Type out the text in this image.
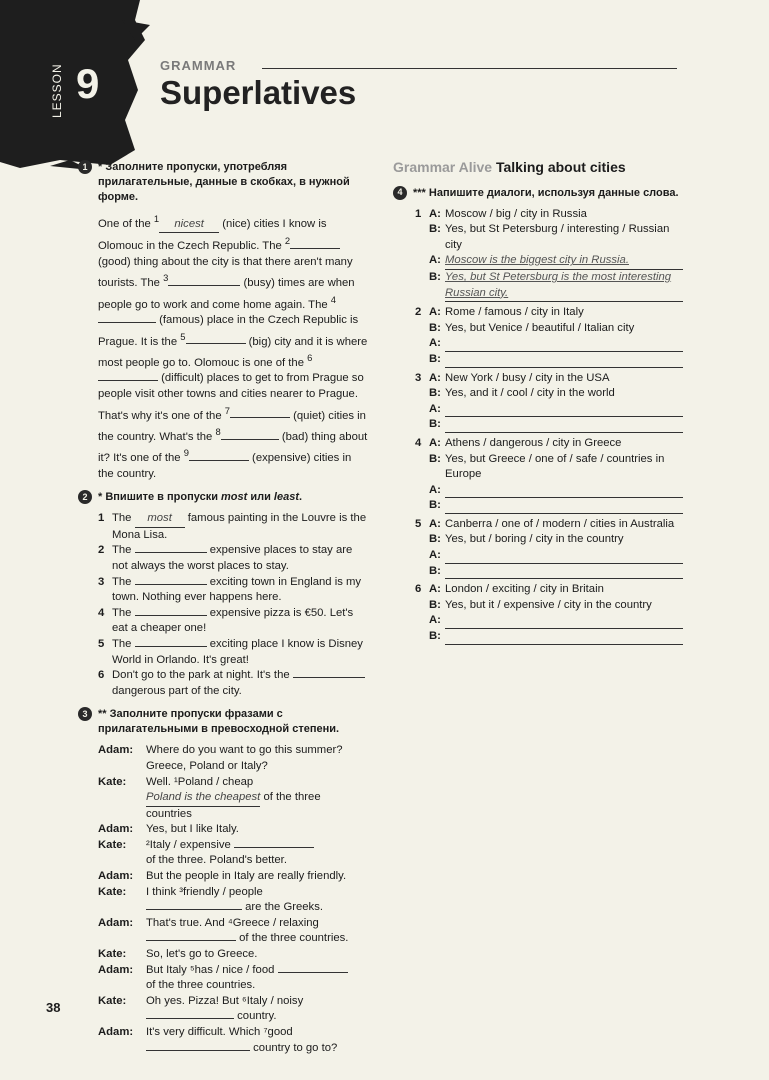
LESSON 9	GRAMMAR
Superlatives
1 * Заполните пропуски, употребляя прилагательные, данные в скобках, в нужной форме.
One of the $^1$ nicest (nice) cities I know is Olomouc in the Czech Republic. The $^2$ (good) thing about the city is that there aren't many tourists. The $^3$	(busy) times are when people go to work and come home again. The $^4$ (famous) place in the Czech Republic is Prague. It is the $^5$	(big) city and it is where most people go to. Olomouc is one of the $^6$ (difficult) places to get to from Prague so people visit other towns and cities nearer to Prague. That's why it's one of the $^7$	(quiet) cities in the country. What's the $^8$	(bad) thing about it? It's one of the $^9$	(expensive) cities in the country.
2 * Впишите в пропуски most или least.
1 The most famous painting in the Louvre is the Mona Lisa.
2 The	expensive places to stay are not always the worst places to stay.
3 The	exciting town in England is my town. Nothing ever happens here.
4 The	expensive pizza is €50. Let's eat a cheaper one!
5 The	exciting place I know is Disney World in Orlando. It's great!
6 Don't go to the park at night. It's the  dangerous part of the city.
3 ** Заполните пропуски фразами с прилагательными в превосходной степени.
Adam:	Where do you want to go this summer? Greece, Poland or Italy?
Kate:	Well. ¹Poland / cheap
Poland is the cheapest of the three countries
Adam:	Yes, but I like Italy.
Kate:	²Italy / expensive
of the three. Poland's better.
Adam:	But the people in Italy are really friendly.
Kate:	I think ³friendly / people
are the Greeks.
Adam:	That's true. And ⁴Greece / relaxing
of the three countries.
Kate:	So, let's go to Greece.
Adam:	But Italy ⁵has / nice / food
of the three countries.
Kate:	Oh yes. Pizza! But ⁶Italy / noisy
country.
Adam:	It's very difficult. Which ⁷good
country to go to?
Grammar Alive Talking about cities
4 *** Напишите диалоги, используя данные слова.
1 A: Moscow / big / city in Russia
B: Yes, but St Petersburg / interesting / Russian city
A: Moscow is the biggest city in Russia.
B: Yes, but St Petersburg is the most interesting Russian city.
2 A: Rome / famous / city in Italy
B: Yes, but Venice / beautiful / Italian city
A:
B:
3 A: New York / busy / city in the USA
B: Yes, and it / cool / city in the world
A:
B:
4 A: Athens / dangerous / city in Greece
B: Yes, but Greece / one of / safe / countries in Europe
A:
B:
5 A: Canberra / one of / modern / cities in Australia
B: Yes, but / boring / city in the country
A:
B:
6 A: London / exciting / city in Britain
B: Yes, but it / expensive / city in the country
A:
B:
38
